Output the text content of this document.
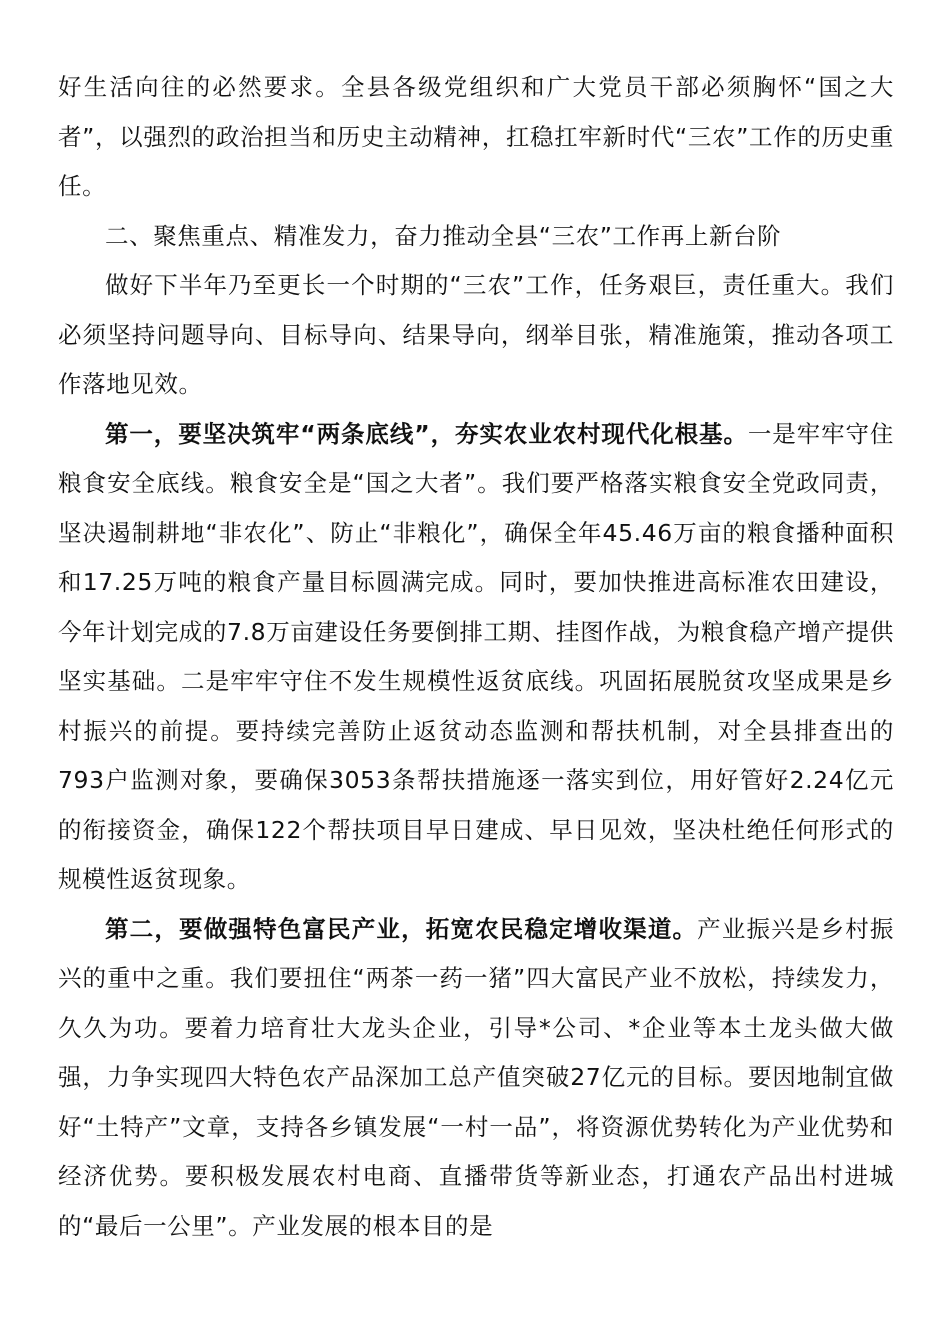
好生活向往的必然要求。全县各级党组织和广大党员干部必须胸怀“国之大者”，以强烈的政治担当和历史主动精神，扛稳扛牢新时代“三农”工作的历史重任。

二、聚焦重点、精准发力，奋力推动全县“三农”工作再上新台阶

做好下半年乃至更长一个时期的“三农”工作，任务艰巨，责任重大。我们必须坚持问题导向、目标导向、结果导向，纲举目张，精准施策，推动各项工作落地见效。

第一，要坚决筑牢“两条底线”，夯实农业农村现代化根基。一是牢牢守住粮食安全底线。粮食安全是“国之大者”。我们要严格落实粮食安全党政同责，坚决遏制耕地“非农化”、防止“非粮化”，确保全年45.46万亩的粮食播种面积和17.25万吨的粮食产量目标圆满完成。同时，要加快推进高标准农田建设，今年计划完成的7.8万亩建设任务要倒排工期、挂图作战，为粮食稳产增产提供坚实基础。二是牢牢守住不发生规模性返贫底线。巩固拓展脱贫攻坚成果是乡村振兴的前提。要持续完善防止返贫动态监测和帮扶机制，对全县排查出的793户监测对象，要确保3053条帮扶措施逐一落实到位，用好管好2.24亿元的衔接资金，确保122个帮扶项目早日建成、早日见效，坚决杜绝任何形式的规模性返贫现象。

第二，要做强特色富民产业，拓宽农民稳定增收渠道。产业振兴是乡村振兴的重中之重。我们要扭住“两茶一药一猪”四大富民产业不放松，持续发力，久久为功。要着力培育壮大龙头企业，引导*公司、*企业等本土龙头做大做强，力争实现四大特色农产品深加工总产值突破27亿元的目标。要因地制宜做好“土特产”文章，支持各乡镇发展“一村一品”，将资源优势转化为产业优势和经济优势。要积极发展农村电商、直播带货等新业态，打通农产品出村进城的“最后一公里”。产业发展的根本目的是
